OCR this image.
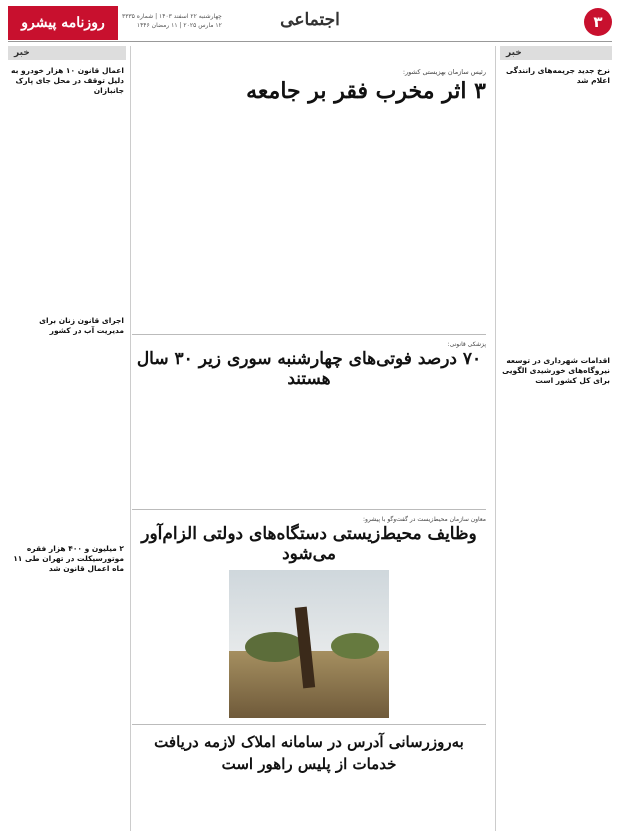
۳
اجتماعی
روزنامه پیشرو	چهارشنبه ۲۲ اسفند ۱۴۰۳ | شماره ۳۳۳۵
۱۲ مارس ۲۰۲۵ | ۱۱ رمضان ۱۴۴۶
خبر
نرخ جدید جریمه‌های رانندگی اعلام شد
اقدامات شهرداری در توسعه نیروگاه‌های خورشیدی الگویی برای کل کشور است
خبر
اعمال قانون ۱۰ هزار خودرو به دلیل توقف در محل جای پارک جانبازان
اجرای قانون زنان برای مدیریت آب در کشور
۲ میلیون و ۴۰۰ هزار فقره موتورسیکلت در تهران طی ۱۱ ماه اعمال قانون شد
رئیس سازمان بهزیستی کشور:
۳ اثر مخرب فقر بر جامعه
پزشکی قانونی:
۷۰ درصد فوتی‌های چهارشنبه سوری زیر ۳۰ سال هستند
معاون سازمان محیط‌زیست در گفت‌وگو با پیشرو:
وظایف محیط‌زیستی دستگاه‌های دولتی الزام‌آور می‌شود
به‌روزرسانی آدرس در سامانه املاک لازمه دریافت خدمات از پلیس راهور است
